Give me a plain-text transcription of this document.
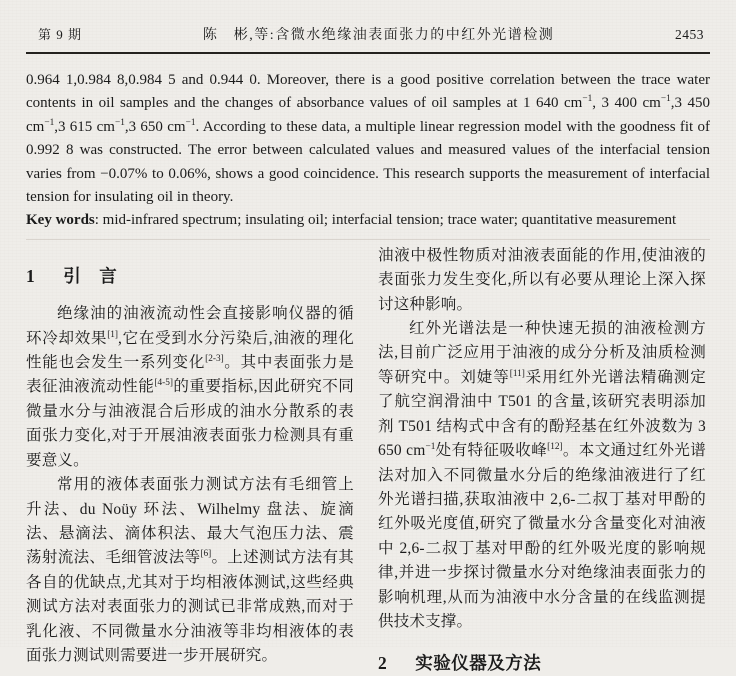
第 9 期	陈　彬,等:含微水绝缘油表面张力的中红外光谱检测	2453

0.964 1,0.984 8,0.984 5 and 0.944 0. Moreover, there is a good positive correlation between the trace water contents in oil samples and the changes of absorbance values of oil samples at 1 640 $cm^{-1}$, 3 400 $cm^{-1},3$ 450 $cm^{-1},3$ 615 $cm^{-1},3$ 650 $cm^{-1}$. According to these data, a multiple linear regression model with the goodness fit of 0.992 8 was constructed. The error between calculated values and measured values of the interfacial tension varies from −0.07% to 0.06%, shows a good coincidence. This research supports the measurement of interfacial tension for insulating oil in theory.

Key words: mid-infrared spectrum; insulating oil; interfacial tension; trace water; quantitative measurement

1 引　言

绝缘油的油液流动性会直接影响仪器的循环冷却效果[1],它在受到水分污染后,油液的理化性能也会发生一系列变化[2-3]。其中表面张力是表征油液流动性能[4-5]的重要指标,因此研究不同微量水分与油液混合后形成的油水分散系的表面张力变化,对于开展油液表面张力检测具有重要意义。

常用的液体表面张力测试方法有毛细管上升法、du Noüy 环法、Wilhelmy 盘法、旋滴法、悬滴法、滴体积法、最大气泡压力法、震荡射流法、毛细管波法等[6]。上述测试方法有其各自的优缺点,尤其对于均相液体测试,这些经典测试方法对表面张力的测试已非常成熟,而对于乳化液、不同微量水分油液等非均相液体的表面张力测试则需要进一步开展研究。

油液中极性物质对油液表面能的作用,使油液的表面张力发生变化,所以有必要从理论上深入探讨这种影响。

红外光谱法是一种快速无损的油液检测方法,目前广泛应用于油液的成分分析及油质检测等研究中。刘婕等[11]采用红外光谱法精确测定了航空润滑油中 T501 的含量,该研究表明添加剂 T501 结构式中含有的酚羟基在红外波数为 3 650 $cm^{-1}$处有特征吸收峰[12]。本文通过红外光谱法对加入不同微量水分后的绝缘油液进行了红外光谱扫描,获取油液中 2,6-二叔丁基对甲酚的红外吸光度值,研究了微量水分含量变化对油液中 2,6-二叔丁基对甲酚的红外吸光度的影响规律,并进一步探讨微量水分对绝缘油表面张力的影响机理,从而为油液中水分含量的在线监测提供技术支撑。

2 实验仪器及方法
